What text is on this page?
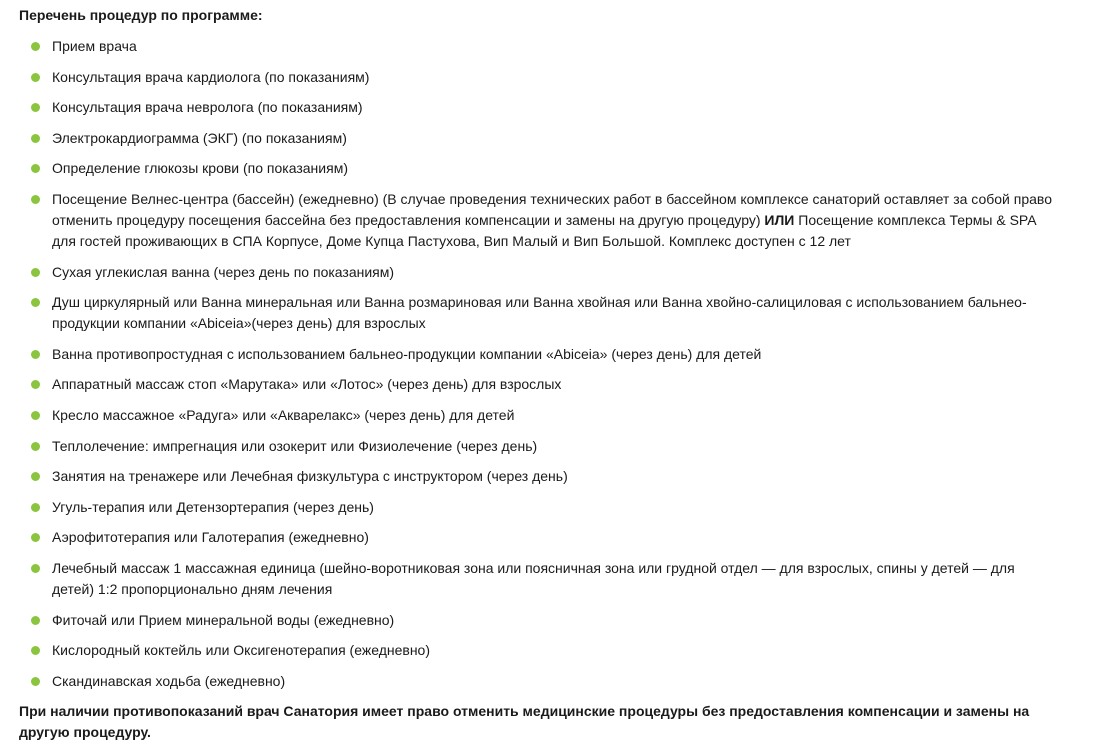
Перечень процедур по программе:
Прием врача
Консультация врача кардиолога (по показаниям)
Консультация врача невролога (по показаниям)
Электрокардиограмма (ЭКГ) (по показаниям)
Определение глюкозы крови (по показаниям)
Посещение Велнес-центра (бассейн) (ежедневно) (В случае проведения технических работ в бассейном комплексе санаторий оставляет за собой право отменить процедуру посещения бассейна без предоставления компенсации и замены на другую процедуру) ИЛИ Посещение комплекса Термы & SPA для гостей проживающих в СПА Корпусе, Доме Купца Пастухова, Вип Малый и Вип Большой. Комплекс доступен с 12 лет
Сухая углекислая ванна (через день по показаниям)
Душ циркулярный или Ванна минеральная или Ванна розмариновая или Ванна хвойная или Ванна хвойно-салициловая с использованием бальнео-продукции компании «Abiceia»(через день) для взрослых
Ванна противопростудная с использованием бальнео-продукции компании «Abiceia» (через день) для детей
Аппаратный массаж стоп «Марутака» или «Лотос» (через день) для взрослых
Кресло массажное «Радуга» или «Акварелакс» (через день) для детей
Теплолечение: импрегнация или озокерит или Физиолечение (через день)
Занятия на тренажере или Лечебная физкультура с инструктором (через день)
Угуль-терапия или Детензортерапия (через день)
Аэрофитотерапия или Галотерапия (ежедневно)
Лечебный массаж 1 массажная единица (шейно-воротниковая зона или поясничная зона или грудной отдел — для взрослых, спины у детей — для детей) 1:2 пропорционально дням лечения
Фиточай или Прием минеральной воды (ежедневно)
Кислородный коктейль или Оксигенотерапия (ежедневно)
Скандинавская ходьба (ежедневно)
При наличии противопоказаний врач Санатория имеет право отменить медицинские процедуры без предоставления компенсации и замены на другую процедуру.
